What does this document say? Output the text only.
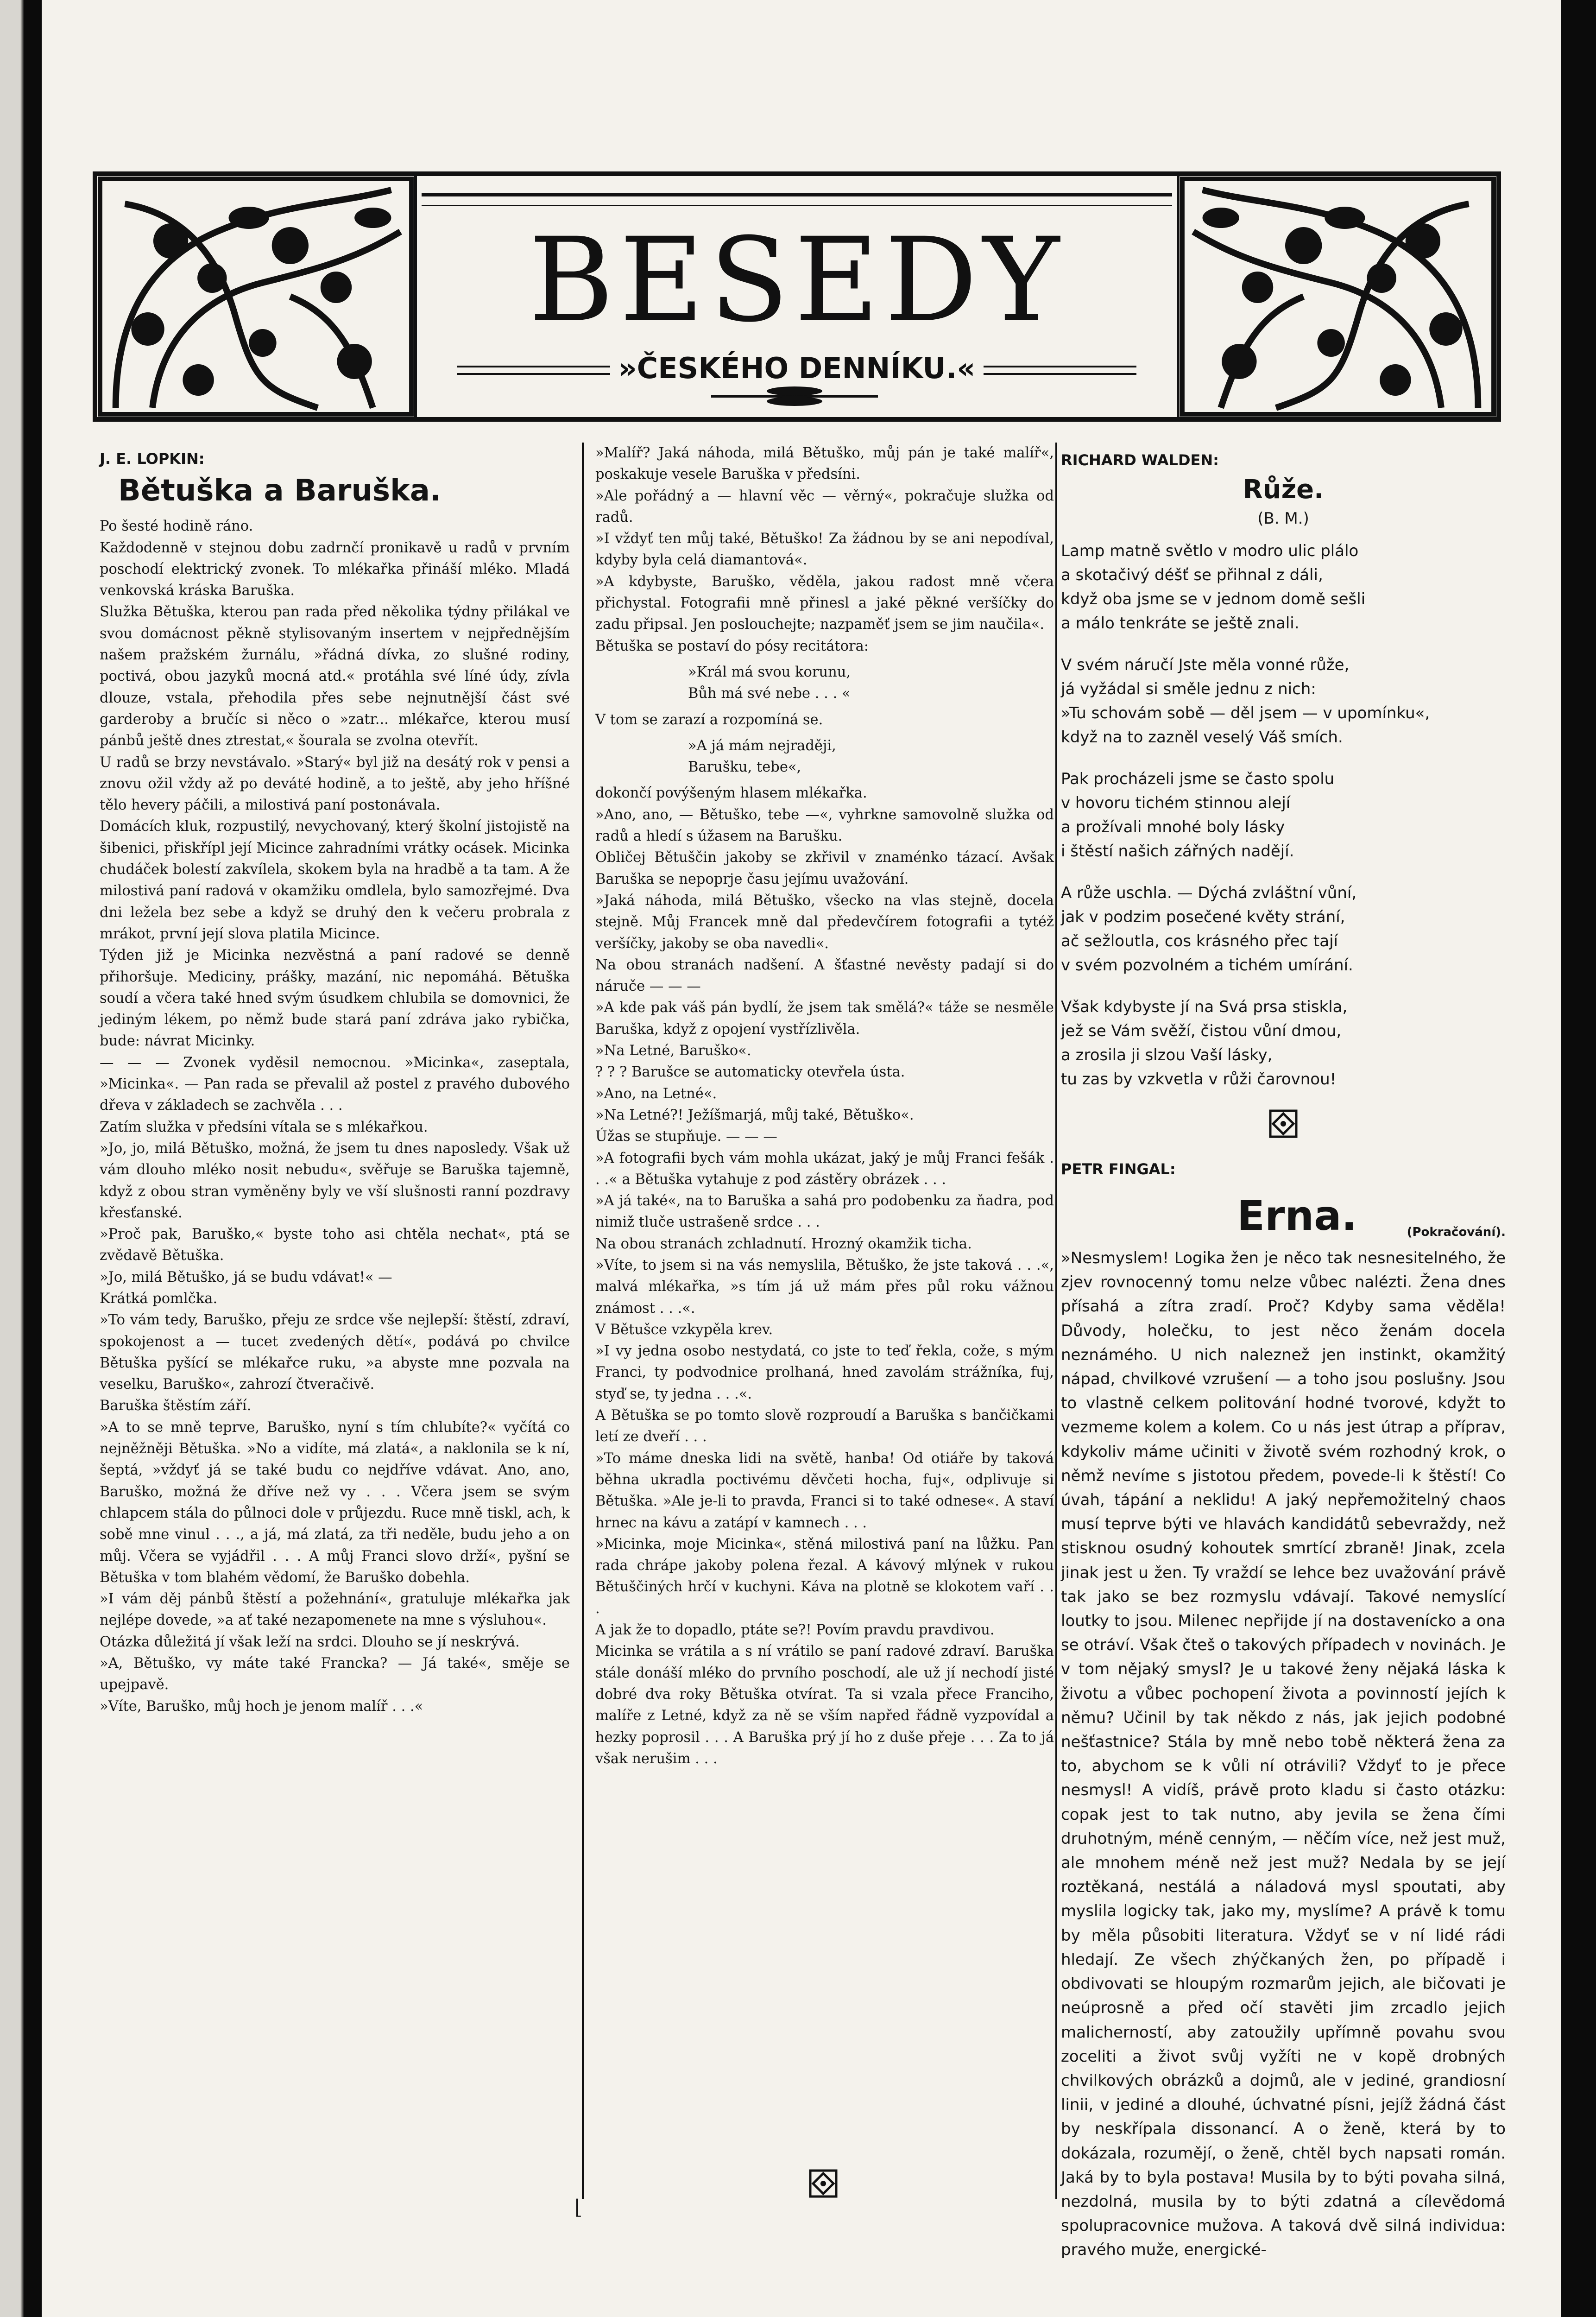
BESEDY
»ČESKÉHO DENNÍKU.«
J. E. LOPKIN:
Bětuška a Baruška.

Po šesté hodině ráno.

Každodenně v stejnou dobu zadrnčí pronikavě u radů v prvním poschodí elektrický zvonek. To mlékařka přináší mléko. Mladá venkovská kráska Baruška.

Služka Bětuška, kterou pan rada před několika týdny přilákal ve svou domácnost pěkně stylisovaným insertem v nejpřednějším našem pražském žurnálu, »řádná dívka, zo slušné rodiny, poctivá, obou jazyků mocná atd.« protáhla své líné údy, zívla dlouze, vstala, přehodila přes sebe nejnutnější část své garderoby a bručíc si něco o »zatr... mlékařce, kterou musí pánbů ještě dnes ztrestat,« šourala se zvolna otevřít.

U radů se brzy nevstávalo. »Starý« byl již na desátý rok v pensi a znovu ožil vždy až po deváté hodině, a to ještě, aby jeho hříšné tělo hevery páčili, a milostivá paní postonávala.

Domácích kluk, rozpustilý, nevychovaný, který školní jistojistě na šibenici, přiskřípl její Micince zahradními vrátky ocásek. Micinka chudáček bolestí zakvílela, skokem byla na hradbě a ta tam. A že milostivá paní radová v okamžiku omdlela, bylo samozřejmé. Dva dni ležela bez sebe a když se druhý den k večeru probrala z mrákot, první její slova platila Micince.

Týden již je Micinka nezvěstná a paní radové se denně přihoršuje. Mediciny, prášky, mazání, nic nepomáhá. Bětuška soudí a včera také hned svým úsudkem chlubila se domovnici, že jediným lékem, po němž bude stará paní zdráva jako rybička, bude: návrat Micinky.

— — — Zvonek vyděsil nemocnou. »Micinka«, zaseptala, »Micinka«. — Pan rada se převalil až postel z pravého dubového dřeva v základech se zachvěla . . .

Zatím služka v předsíni vítala se s mlékařkou.

»Jo, jo, milá Bětuško, možná, že jsem tu dnes naposledy. Však už vám dlouho mléko nosit nebudu«, svěřuje se Baruška tajemně, když z obou stran vyměněny byly ve vší slušnosti ranní pozdravy křesťanské.

»Proč pak, Baruško,« byste toho asi chtěla nechat«, ptá se zvědavě Bětuška.

»Jo, milá Bětuško, já se budu vdávat!« —

Krátká pomlčka.

»To vám tedy, Baruško, přeju ze srdce vše nejlepší: štěstí, zdraví, spokojenost a — tucet zvedených dětí«, podává po chvilce Bětuška pyšící se mlékařce ruku, »a abyste mne pozvala na veselku, Baruško«, zahrozí čtveračivě.

Baruška štěstím září.

»A to se mně teprve, Baruško, nyní s tím chlubíte?« vyčítá co nejněžněji Bětuška. »No a vidíte, má zlatá«, a naklonila se k ní, šeptá, »vždyť já se také budu co nejdříve vdávat. Ano, ano, Baruško, možná že dříve než vy . . . Včera jsem se svým chlapcem stála do půlnoci dole v průjezdu. Ruce mně tiskl, ach, k sobě mne vinul . . ., a já, má zlatá, za tři neděle, budu jeho a on můj. Včera se vyjádřil . . . A můj Franci slovo drží«, pyšní se Bětuška v tom blahém vědomí, že Baruško dobehla.

»I vám děj pánbů štěstí a požehnání«, gratuluje mlékařka jak nejlépe dovede, »a ať také nezapomenete na mne s výsluhou«.

Otázka důležitá jí však leží na srdci. Dlouho se jí neskrývá.

»A, Bětuško, vy máte také Francka? — Já také«, směje se upejpavě.

»Víte, Baruško, můj hoch je jenom malíř . . .«

»Malíř? Jaká náhoda, milá Bětuško, můj pán je také malíř«, poskakuje vesele Baruška v předsíni.

»Ale pořádný a — hlavní věc — věrný«, pokračuje služka od radů.

»I vždyť ten můj také, Bětuško! Za žádnou by se ani nepodíval, kdyby byla celá diamantová«.

»A kdybyste, Baruško, věděla, jakou radost mně včera přichystal. Fotografii mně přinesl a jaké pěkné veršíčky do zadu připsal. Jen poslouchejte; nazpaměť jsem se jim naučila«.

Bětuška se postaví do pósy recitátora:

»Král má svou korunu,
Bůh má své nebe . . . «

V tom se zarazí a rozpomíná se.

»A já mám nejraději,
Barušku, tebe«,

dokončí povýšeným hlasem mlékařka.

»Ano, ano, — Bětuško, tebe —«, vyhrkne samovolně služka od radů a hledí s úžasem na Barušku.

Obličej Bětuščin jakoby se zkřivil v znaménko tázací. Avšak Baruška se nepoprje času jejímu uvažování.

»Jaká náhoda, milá Bětuško, všecko na vlas stejně, docela stejně. Můj Francek mně dal předevčírem fotografii a tytéž veršíčky, jakoby se oba navedli«.

Na obou stranách nadšení. A šťastné nevěsty padají si do náruče — — —

»A kde pak váš pán bydlí, že jsem tak smělá?« táže se nesměle Baruška, když z opojení vystřízlivěla.

»Na Letné, Baruško«.

? ? ? Barušce se automaticky otevřela ústa.

»Ano, na Letné«.

»Na Letné?! Ježíšmarjá, můj také, Bětuško«.

Úžas se stupňuje. — — —

»A fotografii bych vám mohla ukázat, jaký je můj Franci fešák . . .« a Bětuška vytahuje z pod zástěry obrázek . . .

»A já také«, na to Baruška a sahá pro podobenku za ňadra, pod nimiž tluče ustrašeně srdce . . .

Na obou stranách zchladnutí. Hrozný okamžik ticha.

»Víte, to jsem si na vás nemyslila, Bětuško, že jste taková . . .«, malvá mlékařka, »s tím já už mám přes půl roku vážnou známost . . .«.

V Bětušce vzkypěla krev.

»I vy jedna osobo nestydatá, co jste to teď řekla, cože, s mým Franci, ty podvodnice prolhaná, hned zavolám strážníka, fuj, styď se, ty jedna . . .«.

A Bětuška se po tomto slově rozproudí a Baruška s bančičkami letí ze dveří . . .

»To máme dneska lidi na světě, hanba! Od otiáře by taková běhna ukradla poctivému děvčeti hocha, fuj«, odplivuje si Bětuška. »Ale je-li to pravda, Franci si to také odnese«. A staví hrnec na kávu a zatápí v kamnech . . .

»Micinka, moje Micinka«, stěná milostivá paní na lůžku. Pan rada chrápe jakoby polena řezal. A kávový mlýnek v rukou Bětuščiných hrčí v kuchyni. Káva na plotně se klokotem vaří . . .

A jak že to dopadlo, ptáte se?! Povím pravdu pravdivou.

Micinka se vrátila a s ní vrátilo se paní radové zdraví. Baruška stále donáší mléko do prvního poschodí, ale už jí nechodí jisté dobré dva roky Bětuška otvírat. Ta si vzala přece Franciho, malíře z Letné, když za ně se vším napřed řádně vyzpovídal a hezky poprosil . . . A Baruška prý jí ho z duše přeje . . . Za to já však nerušim . . .

RICHARD WALDEN:
Růže.
(B. M.)

Lamp matně světlo v modro ulic plálo

a skotačivý déšť se přihnal z dáli,

když oba jsme se v jednom domě sešli

a málo tenkráte se ještě znali.

V svém náručí Jste měla vonné růže,

já vyžádal si směle jednu z nich:

»Tu schovám sobě — děl jsem — v upomínku«,

když na to zazněl veselý Váš smích.

Pak procházeli jsme se často spolu

v hovoru tichém stinnou alejí

a prožívali mnohé boly lásky

i štěstí našich zářných nadějí.

A růže uschla. — Dýchá zvláštní vůní,

jak v podzim posečené květy strání,

ač sežloutla, cos krásného přec tají

v svém pozvolném a tichém umírání.

Však kdybyste jí na Svá prsa stiskla,

jež se Vám svěží, čistou vůní dmou,

a zrosila ji slzou Vaší lásky,

tu zas by vzkvetla v růži čarovnou!

PETR FINGAL:
Erna.	(Pokračování).

»Nesmyslem! Logika žen je něco tak nesnesitelného, že zjev rovnocenný tomu nelze vůbec nalézti. Žena dnes přísahá a zítra zradí. Proč? Kdyby sama věděla! Důvody, holečku, to jest něco ženám docela neznámého. U nich naleznež jen instinkt, okamžitý nápad, chvilkové vzrušení — a toho jsou poslušny. Jsou to vlastně celkem politování hodné tvorové, kdyžt to vezmeme kolem a kolem. Co u nás jest útrap a příprav, kdykoliv máme učiniti v životě svém rozhodný krok, o němž nevíme s jistotou předem, povede-li k štěstí! Co úvah, tápání a neklidu! A jaký nepřemožitelný chaos musí teprve býti ve hlavách kandidátů sebevraždy, než stisknou osudný kohoutek smrtící zbraně! Jinak, zcela jinak jest u žen. Ty vraždí se lehce bez uvažování právě tak jako se bez rozmyslu vdávají. Takové nemyslící loutky to jsou. Milenec nepřijde jí na dostavenícko a ona se otráví. Však čteš o takových případech v novinách. Je v tom nějaký smysl? Je u takové ženy nějaká láska k životu a vůbec pochopení života a povinností jejích k němu? Učinil by tak někdo z nás, jak jejich podobné nešťastnice? Stála by mně nebo tobě některá žena za to, abychom se k vůli ní otrávili? Vždyť to je přece nesmysl! A vidíš, právě proto kladu si často otázku: copak jest to tak nutno, aby jevila se žena čími druhotným, méně cenným, — něčím více, než jest muž, ale mnohem méně než jest muž? Nedala by se její roztěkaná, nestálá a náladová mysl spoutati, aby myslila logicky tak, jako my, myslíme? A právě k tomu by měla působiti literatura. Vždyť se v ní lidé rádi hledají. Ze všech zhýčkaných žen, po případě i obdivovati se hloupým rozmarům jejich, ale bičovati je neúprosně a před očí stavěti jim zrcadlo jejich malicherností, aby zatoužily upřímně povahu svou zoceliti a život svůj vyžíti ne v kopě drobných chvilkových obrázků a dojmů, ale v jediné, grandiosní linii, v jediné a dlouhé, úchvatné písni, jejíž žádná část by neskřípala dissonancí. A o ženě, která by to dokázala, rozumějí, o ženě, chtěl bych napsati román. Jaká by to byla postava! Musila by to býti povaha silná, nezdolná, musila by to býti zdatná a cílevědomá spolupracovnice mužova. A taková dvě silná individua: pravého muže, energické-

⌊
